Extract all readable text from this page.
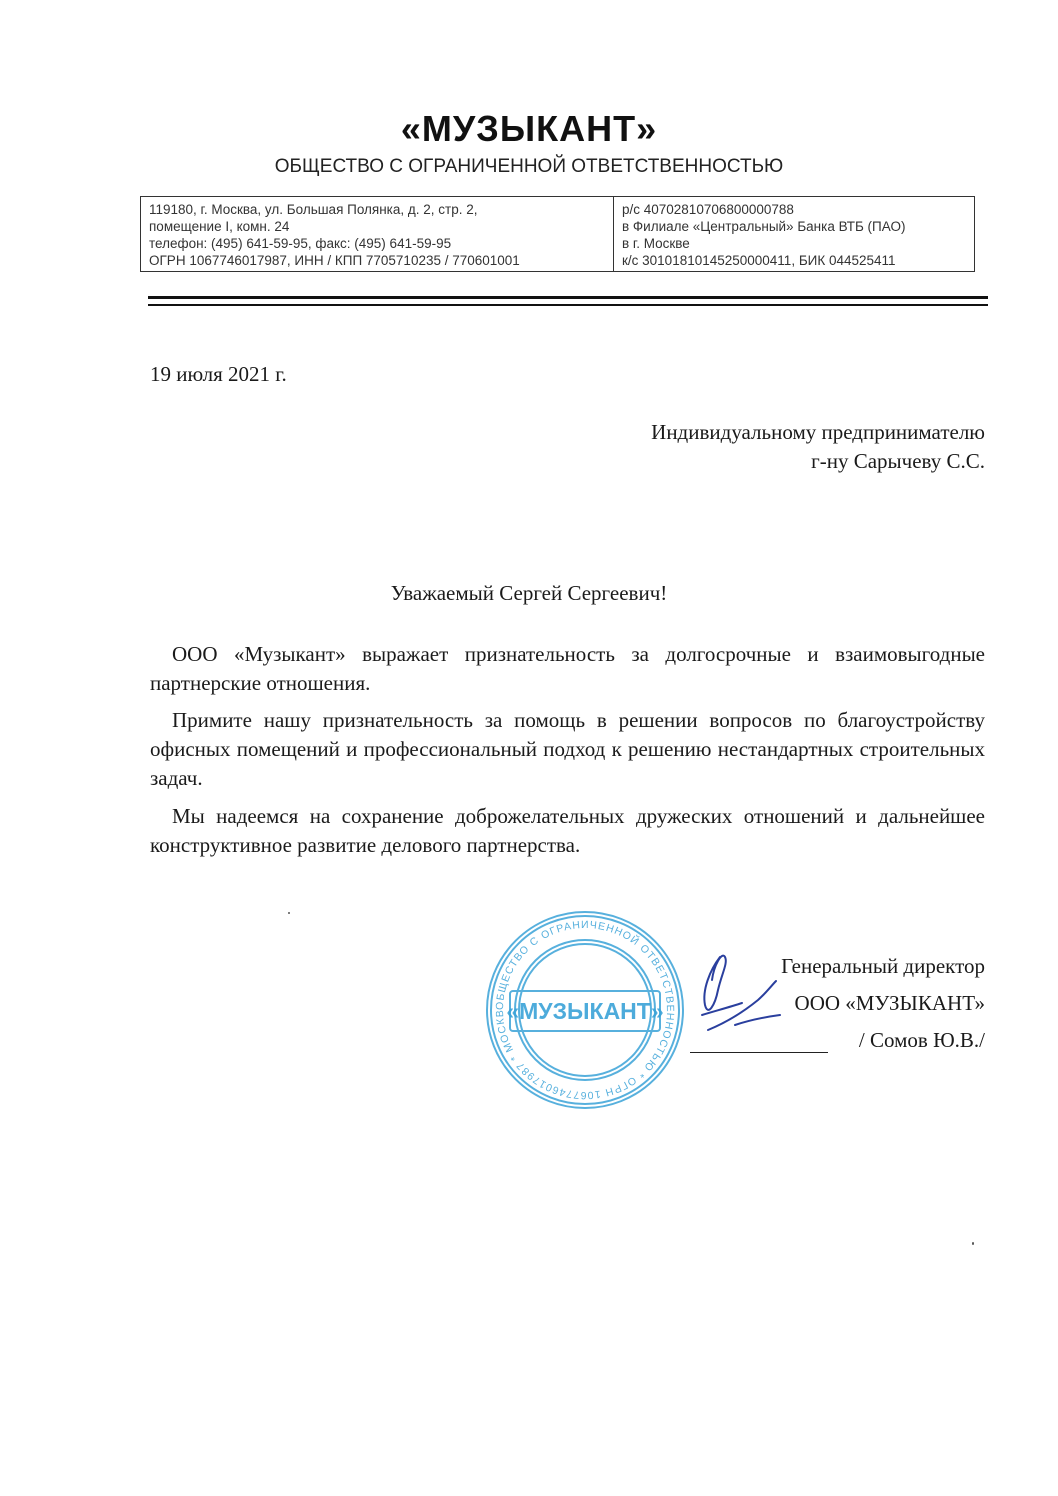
«МУЗЫКАНТ»
ОБЩЕСТВО С ОГРАНИЧЕННОЙ ОТВЕТСТВЕННОСТЬЮ
119180, г. Москва, ул. Большая Полянка, д. 2, стр. 2,
помещение I, комн. 24
телефон: (495) 641-59-95, факс: (495) 641-59-95
ОГРН 1067746017987, ИНН / КПП 7705710235 / 770601001
р/с 40702810706800000788
в Филиале «Центральный» Банка ВТБ (ПАО)
в г. Москве
к/с 30101810145250000411, БИК 044525411
19 июля 2021 г.
Индивидуальному предпринимателю
г-ну Сарычеву С.С.
Уважаемый Сергей Сергеевич!
ООО «Музыкант» выражает признательность за долгосрочные и взаимовыгодные партнерские отношения.
Примите нашу признательность за помощь в решении вопросов по благоустройству офисных помещений и профессиональный подход к решению нестандартных строительных задач.
Мы надеемся на сохранение доброжелательных дружеских отношений и дальнейшее конструктивное развитие делового партнерства.
ОБЩЕСТВО С ОГРАНИЧЕННОЙ ОТВЕТСТВЕННОСТЬЮ * ОГРН 1067746017987 * МОСКВ «МУЗЫКАНТ»
Генеральный директор
ООО «МУЗЫКАНТ»
/ Сомов Ю.В./
